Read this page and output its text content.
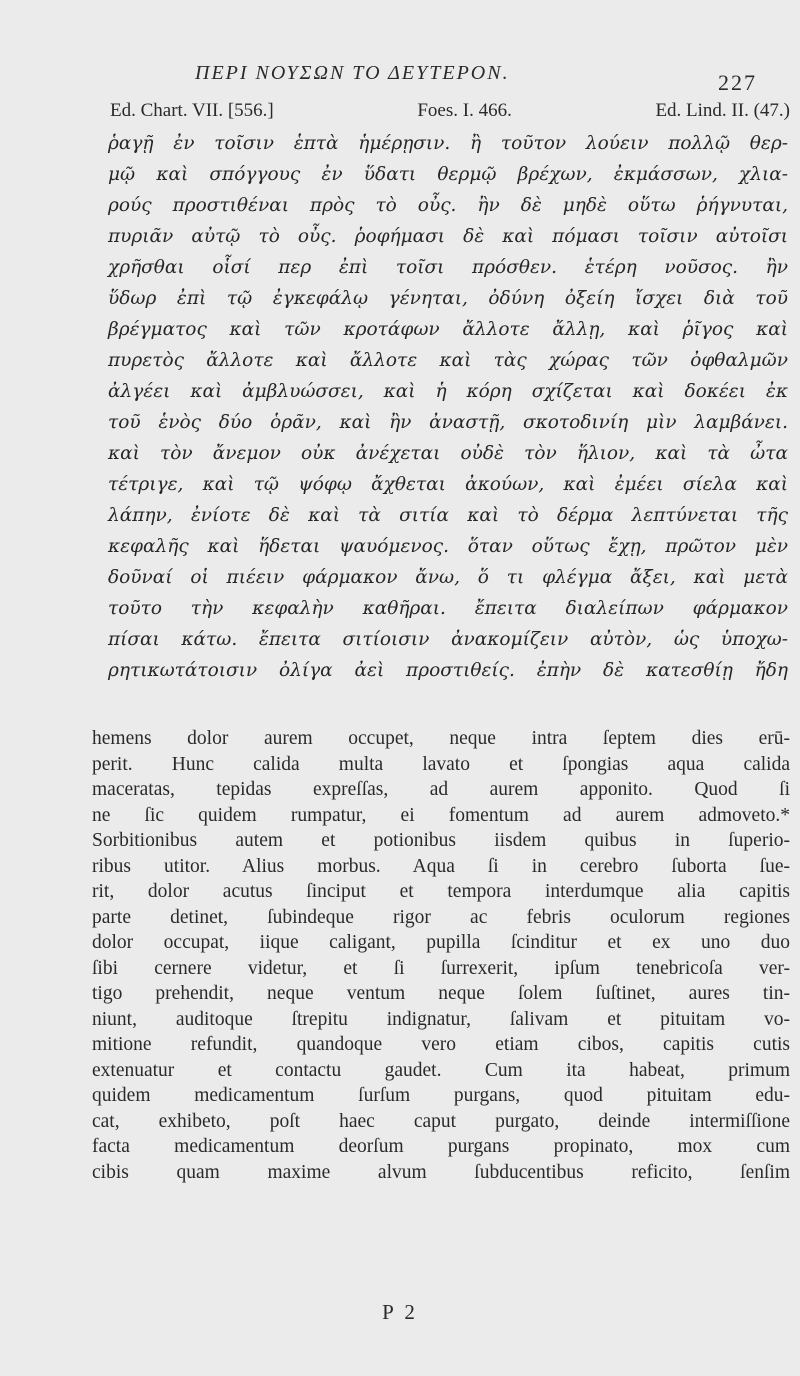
ΠΕΡΙ ΝΟΥΣΩΝ ΤΟ ΔΕΥΤΕΡΟΝ.	227
Ed. Chart. VII. [556.]	Foes. I. 466.	Ed. Lind. II. (47.)
ῥαγῇ ἐν τοῖσιν ἑπτὰ ἡμέρῃσιν. ἢ τοῦτον λούειν πολλῷ θερ-
μῷ καὶ σπόγγους ἐν ὕδατι θερμῷ βρέχων, ἐκμάσσων, χλια-
ρούς προστιθέναι πρὸς τὸ οὖς. ἢν δὲ μηδὲ οὕτω ῥήγνυται,
πυριᾶν αὐτῷ τὸ οὖς. ῥοφήμασι δὲ καὶ πόμασι τοῖσιν αὐτοῖσι
χρῆσθαι οἷσί περ ἐπὶ τοῖσι πρόσθεν. ἑτέρη νοῦσος. ἢν
ὕδωρ ἐπὶ τῷ ἐγκεφάλῳ γένηται, ὀδύνη ὀξείη ἴσχει διὰ τοῦ
βρέγματος καὶ τῶν κροτάφων ἄλλοτε ἄλλῃ, καὶ ῥῖγος καὶ
πυρετὸς ἄλλοτε καὶ ἄλλοτε καὶ τὰς χώρας τῶν ὀφθαλμῶν
ἀλγέει καὶ ἀμβλυώσσει, καὶ ἡ κόρη σχίζεται καὶ δοκέει ἐκ
τοῦ ἑνὸς δύο ὁρᾶν, καὶ ἢν ἀναστῇ, σκοτοδινίη μὶν λαμβάνει.
καὶ τὸν ἄνεμον οὐκ ἀνέχεται οὐδὲ τὸν ἥλιον, καὶ τὰ ὦτα
τέτριγε, καὶ τῷ ψόφῳ ἄχθεται ἀκούων, καὶ ἐμέει σίελα καὶ
λάπην, ἐνίοτε δὲ καὶ τὰ σιτία καὶ τὸ δέρμα λεπτύνεται τῆς
κεφαλῆς καὶ ἥδεται ψαυόμενος. ὅταν οὕτως ἔχῃ, πρῶτον μὲν
δοῦναί οἱ πιέειν φάρμακον ἄνω, ὅ τι φλέγμα ἄξει, καὶ μετὰ
τοῦτο τὴν κεφαλὴν καθῆραι. ἔπειτα διαλείπων φάρμακον
πίσαι κάτω. ἔπειτα σιτίοισιν ἀνακομίζειν αὐτὸν, ὡς ὑποχω-
ρητικωτάτοισιν ὀλίγα ἀεὶ προστιθείς. ἐπὴν δὲ κατεσθίῃ ἤδη
hemens dolor aurem occupet, neque intra ſeptem dies erū-
perit. Hunc calida multa lavato et ſpongias aqua calida
maceratas, tepidas expreſſas, ad aurem apponito. Quod ſi
ne ſic quidem rumpatur, ei fomentum ad aurem admoveto.*
Sorbitionibus autem et potionibus iisdem quibus in ſuperio-
ribus utitor. Alius morbus. Aqua ſi in cerebro ſuborta ſue-
rit, dolor acutus ſinciput et tempora interdumque alia capitis
parte detinet, ſubindeque rigor ac febris oculorum regiones
dolor occupat, iique caligant, pupilla ſcinditur et ex uno duo
ſibi cernere videtur, et ſi ſurrexerit, ipſum tenebricoſa ver-
tigo prehendit, neque ventum neque ſolem ſuſtinet, aures tin-
niunt, auditoque ſtrepitu indignatur, ſalivam et pituitam vo-
mitione refundit, quandoque vero etiam cibos, capitis cutis
extenuatur et contactu gaudet. Cum ita habeat, primum
quidem medicamentum ſurſum purgans, quod pituitam edu-
cat, exhibeto, poſt haec caput purgato, deinde intermiſſione
facta medicamentum deorſum purgans propinato, mox cum
cibis quam maxime alvum ſubducentibus reficito, ſenſim
P 2
